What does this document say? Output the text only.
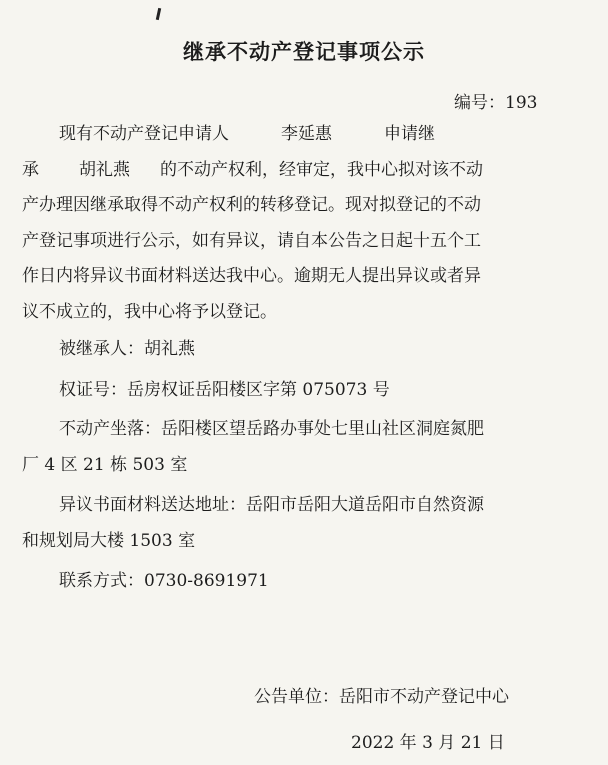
继承不动产登记事项公示
编号：193
现有不动产登记申请人	李延惠	申请继
承 胡礼燕 的不动产权利，经审定，我中心拟对该不动
产办理因继承取得不动产权利的转移登记。现对拟登记的不动
产登记事项进行公示，如有异议，请自本公告之日起十五个工
作日内将异议书面材料送达我中心。逾期无人提出异议或者异
议不成立的，我中心将予以登记。
被继承人：胡礼燕
权证号：岳房权证岳阳楼区字第 075073 号
不动产坐落：岳阳楼区望岳路办事处七里山社区洞庭氮肥
厂 4 区 21 栋 503 室
异议书面材料送达地址：岳阳市岳阳大道岳阳市自然资源
和规划局大楼 1503 室
联系方式：0730-8691971
公告单位：岳阳市不动产登记中心
2022 年 3 月 21 日
